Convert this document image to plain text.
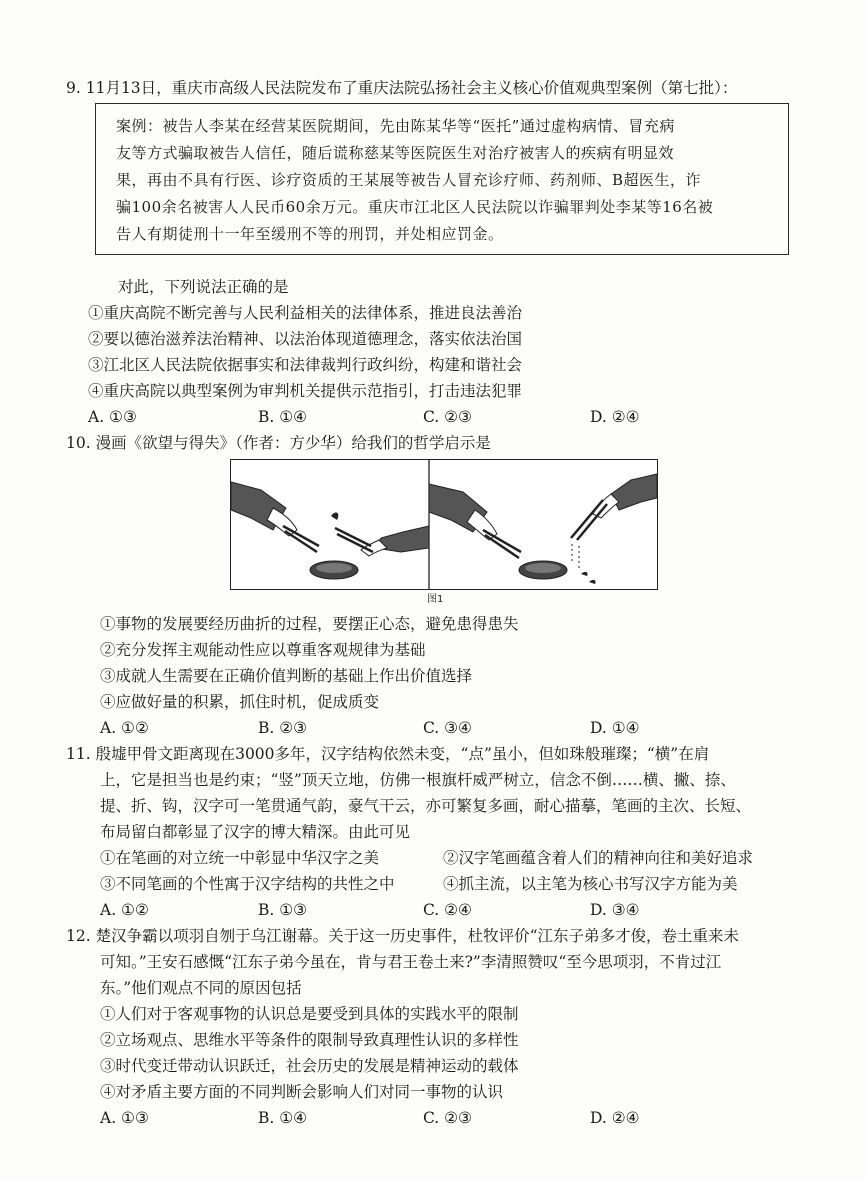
9. 11月13日，重庆市高级人民法院发布了重庆法院弘扬社会主义核心价值观典型案例（第七批）：
案例：被告人李某在经营某医院期间，先由陈某华等“医托”通过虚构病情、冒充病
友等方式骗取被告人信任，随后谎称慈某等医院医生对治疗被害人的疾病有明显效
果，再由不具有行医、诊疗资质的王某展等被告人冒充诊疗师、药剂师、B超医生，诈
骗100余名被害人人民币60余万元。重庆市江北区人民法院以诈骗罪判处李某等16名被
告人有期徒刑十一年至缓刑不等的刑罚，并处相应罚金。
对此，下列说法正确的是
①重庆高院不断完善与人民利益相关的法律体系，推进良法善治
②要以德治滋养法治精神、以法治体现道德理念，落实依法治国
③江北区人民法院依据事实和法律裁判行政纠纷，构建和谐社会
④重庆高院以典型案例为审判机关提供示范指引，打击违法犯罪
A. ①③	B. ①④	C. ②③	D. ②④
10. 漫画《欲望与得失》（作者：方少华）给我们的哲学启示是
图1
①事物的发展要经历曲折的过程，要摆正心态，避免患得患失
②充分发挥主观能动性应以尊重客观规律为基础
③成就人生需要在正确价值判断的基础上作出价值选择
④应做好量的积累，抓住时机，促成质变
A. ①②	B. ②③	C. ③④	D. ①④
11. 殷墟甲骨文距离现在3000多年，汉字结构依然未变，“点”虽小，但如珠般璀璨；“横”在肩
上，它是担当也是约束；“竖”顶天立地，仿佛一根旗杆威严树立，信念不倒……横、撇、捺、
提、折、钩，汉字可一笔贯通气韵，豪气干云，亦可繁复多画，耐心描摹，笔画的主次、长短、
布局留白都彰显了汉字的博大精深。由此可见
①在笔画的对立统一中彰显中华汉字之美	②汉字笔画蕴含着人们的精神向往和美好追求
③不同笔画的个性寓于汉字结构的共性之中	④抓主流，以主笔为核心书写汉字方能为美
A. ①②	B. ①③	C. ②④	D. ③④
12. 楚汉争霸以项羽自刎于乌江谢幕。关于这一历史事件，杜牧评价“江东子弟多才俊，卷土重来未
可知。”王安石感慨“江东子弟今虽在，肯与君王卷土来?”李清照赞叹“至今思项羽，不肯过江
东。”他们观点不同的原因包括
①人们对于客观事物的认识总是要受到具体的实践水平的限制
②立场观点、思维水平等条件的限制导致真理性认识的多样性
③时代变迁带动认识跃迁，社会历史的发展是精神运动的载体
④对矛盾主要方面的不同判断会影响人们对同一事物的认识
A. ①③	B. ①④	C. ②③	D. ②④
